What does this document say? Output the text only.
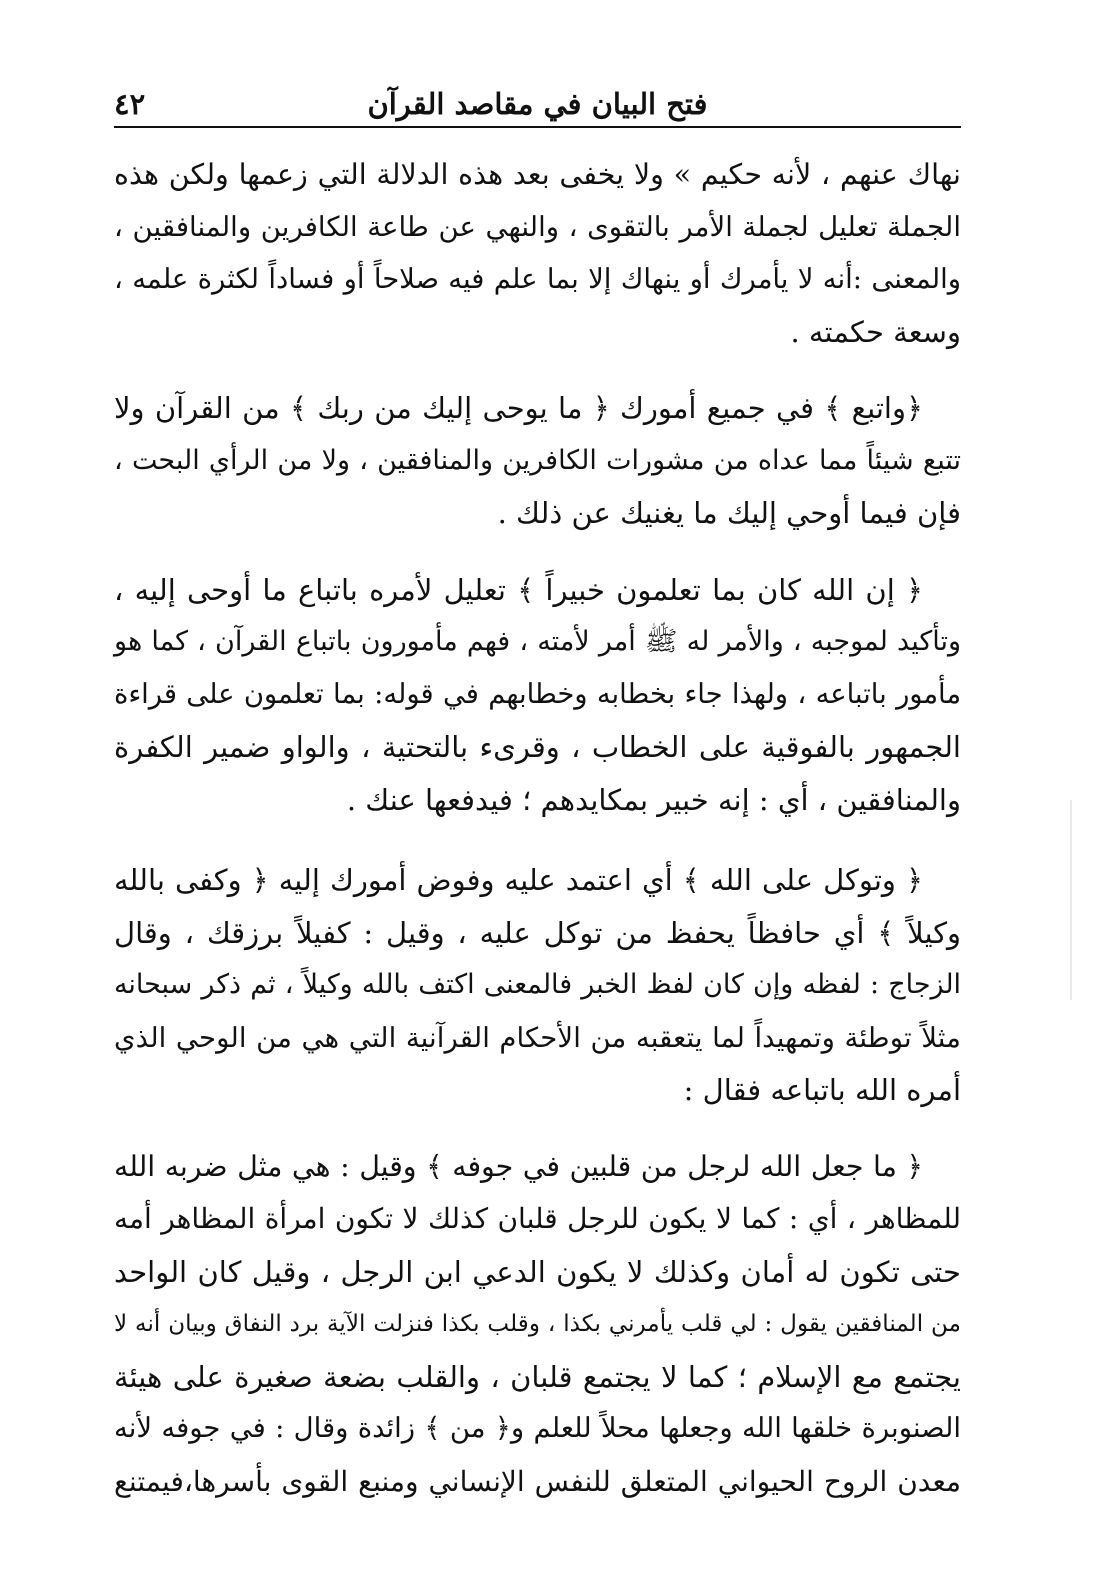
فتح البيان في مقاصد القرآن
٤٢

نهاك عنهم ، لأنه حكيم » ولا يخفى بعد هذه الدلالة التي زعمها ولكن هذه
الجملة تعليل لجملة الأمر بالتقوى ، والنهي عن طاعة الكافرين والمنافقين ،
والمعنى :أنه لا يأمرك أو ينهاك إلا بما علم فيه صلاحاً أو فساداً لكثرة علمه ،
وسعة حكمته .

﴿واتبع ﴾ في جميع أمورك ﴿ ما يوحى إليك من ربك ﴾ من القرآن ولا
تتبع شيئاً مما عداه من مشورات الكافرين والمنافقين ، ولا من الرأي البحت ،
فإن فيما أوحي إليك ما يغنيك عن ذلك .

﴿ إن الله كان بما تعلمون خبيراً ﴾ تعليل لأمره باتباع ما أوحى إليه ،
وتأكيد لموجبه ، والأمر له ﷺ أمر لأمته ، فهم مأمورون باتباع القرآن ، كما هو
مأمور باتباعه ، ولهذا جاء بخطابه وخطابهم في قوله: بما تعلمون على قراءة
الجمهور بالفوقية على الخطاب ، وقرىء بالتحتية ، والواو ضمير الكفرة
والمنافقين ، أي : إنه خبير بمكايدهم ؛ فيدفعها عنك .

﴿ وتوكل على الله ﴾ أي اعتمد عليه وفوض أمورك إليه ﴿ وكفى بالله
وكيلاً ﴾ أي حافظاً يحفظ من توكل عليه ، وقيل : كفيلاً برزقك ، وقال
الزجاج : لفظه وإن كان لفظ الخبر فالمعنى اكتف بالله وكيلاً ، ثم ذكر سبحانه
مثلاً توطئة وتمهيداً لما يتعقبه من الأحكام القرآنية التي هي من الوحي الذي
أمره الله باتباعه فقال :

﴿ ما جعل الله لرجل من قلبين في جوفه ﴾ وقيل : هي مثل ضربه الله
للمظاهر ، أي : كما لا يكون للرجل قلبان كذلك لا تكون امرأة المظاهر أمه
حتى تكون له أمان وكذلك لا يكون الدعي ابن الرجل ، وقيل كان الواحد
من المنافقين يقول : لي قلب يأمرني بكذا ، وقلب بكذا فنزلت الآية برد النفاق وبيان أنه لا
يجتمع مع الإسلام ؛ كما لا يجتمع قلبان ، والقلب بضعة صغيرة على هيئة
الصنوبرة خلقها الله وجعلها محلاً للعلم و﴿ من ﴾ زائدة وقال : في جوفه لأنه
معدن الروح الحيواني المتعلق للنفس الإنساني ومنبع القوى بأسرها،فيمتنع
